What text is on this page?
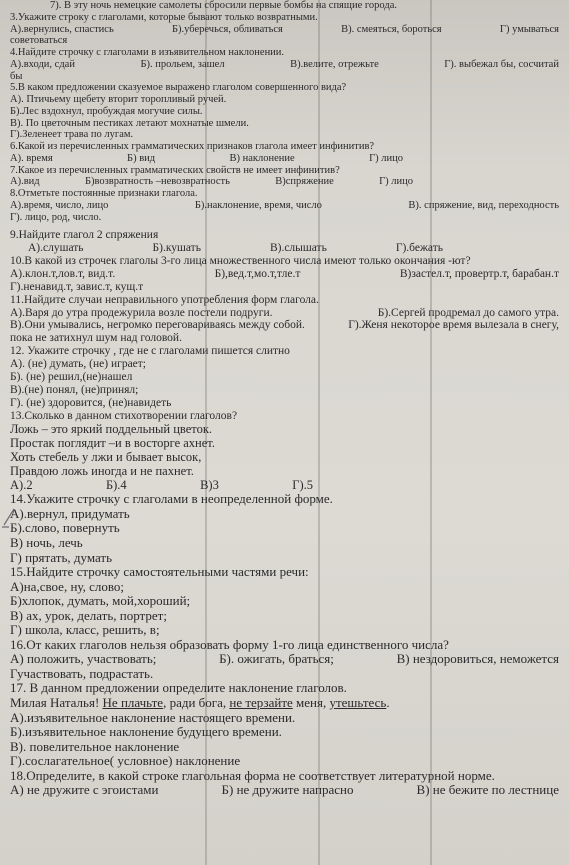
7). В эту ночь немецкие самолеты сбросили первые бомбы на спящие города.
3.Укажите строку с глаголами, которые бывают только возвратными.
А).вернулись, спастись	Б).уберечься, обливаться	В). смеяться, бороться	Г) умываться
советоваться
4.Найдите строчку с глаголами в изъявительном наклонении.
А).входи, сдай	Б). прольем, зашел	В).велите, отрежьте	Г). выбежал бы, сосчитай
бы
5.В каком предложении сказуемое выражено глаголом совершенного вида?
А). Птичьему щебету вторит торопливый ручей.
Б).Лес вздохнул, пробуждая могучие силы.
В). По цветочным пестиках летают мохнатые шмели.
Г).Зеленеет трава по лугам.
6.Какой из перечисленных грамматических признаков глагола имеет инфинитив?
А). время	Б) вид	В) наклонение	Г) лицо
7.Какое из перечисленных грамматических свойств не имеет инфинитив?
А).вид	Б)возвратность –невозвратность	В)спряжение	Г) лицо
8.Отметьте постоянные признаки глагола.
А).время, число, лицо	Б).наклонение, время, число	В). спряжение, вид, переходность
Г). лицо, род, число.
9.Найдите глагол 2 спряжения
А).слушать	Б).кушать	В).слышать	Г).бежать
10.В какой из строчек глаголы 3-го лица множественного числа имеют только окончания -ют?
А).клон.т,лов.т, вид.т.	Б),вед.т,мо.т,тле.т	В)застел.т, провертр.т, барабан.т
Г).ненавид.т, завис.т, кущ.т
11.Найдите случаи неправильного употребления форм глагола.
А).Варя до утра продежурила возле постели подруги.	Б).Сергей продремал до самого утра.
В).Они умывались, негромко переговариваясь между собой.	Г).Женя некоторое время вылезала в снегу,
пока не затихнул шум над головой.
12. Укажите строчку , где не с глаголами пишется слитно
А). (не) думать, (не) играет;
Б). (не) решил,(не)нашел
В).(не) понял, (не)принял;
Г). (не) здоровится, (не)навидеть
13.Сколько в данном стихотворении глаголов?
Ложь – это яркий поддельный цветок.
Простак поглядит –и в восторге ахнет.
Хоть стебель у лжи и бывает высок,
Правдою ложь иногда и не пахнет.
А).2	Б).4	В)3	Г).5
14.Укажите строчку с глаголами в неопределенной форме.
А).вернул, придумать
Б).слово, повернуть
В) ночь, лечь
Г) прятать, думать
15.Найдите строчку самостоятельными частями речи:
А)на,свое, ну, слово;
Б)хлопок, думать, мой,хороший;
В) ах, урок, делать, портрет;
Г) школа, класс, решить, в;
16.От каких глаголов нельзя образовать форму 1-го лица единственного числа?
А) положить, участвовать;	Б). ожигать, браться;	В) нездоровиться, неможется
Гучаствовать, подрастать.
17. В данном предложении определите наклонение глаголов.
Милая Наталья! Не плачьте, ради бога, не терзайте меня, утешьтесь.
А).изъявительное наклонение настоящего времени.
Б).изъявительное наклонение будущего времени.
В). повелительное наклонение
Г).сослагательное( условное) наклонение
18.Определите, в какой строке глагольная форма не соответствует литературной норме.
А) не дружите с эгоистами	Б) не дружите напрасно	В) не бежите по лестнице
